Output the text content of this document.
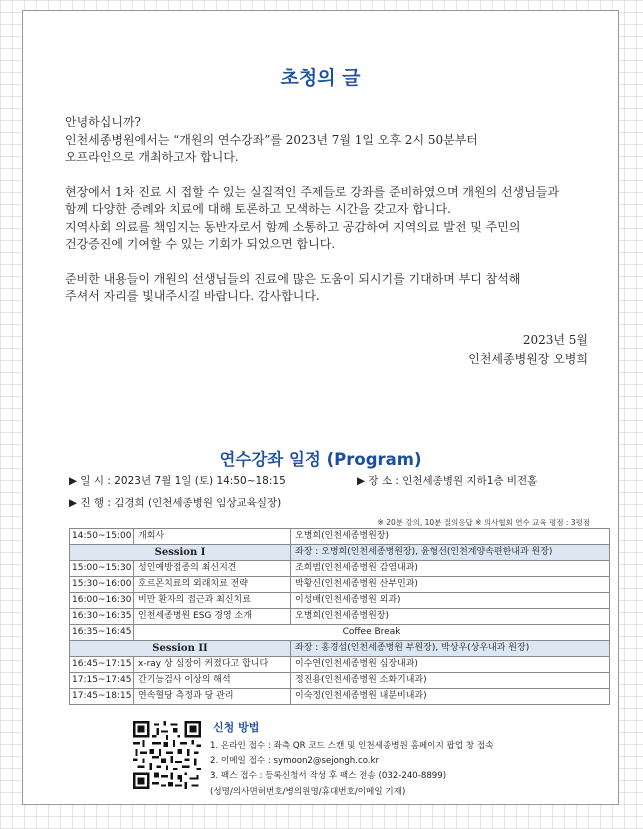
초청의 글

안녕하십니까?

인천세종병원에서는 “개원의 연수강좌”를 2023년 7월 1일 오후 2시 50분부터

오프라인으로 개최하고자 합니다.

현장에서 1차 진료 시 접할 수 있는 실질적인 주제들로 강좌를 준비하였으며 개원의 선생님들과

함께 다양한 증례와 치료에 대해 토론하고 모색하는 시간을 갖고자 합니다.

지역사회 의료를 책임지는 동반자로서 함께 소통하고 공감하여 지역의료 발전 및 주민의

건강증진에 기여할 수 있는 기회가 되었으면 합니다.

준비한 내용들이 개원의 선생님들의 진료에 많은 도움이 되시기를 기대하며 부디 참석해

주셔서 자리를 빛내주시길 바랍니다. 감사합니다.

2023년 5월
인천세종병원장 오병희
연수강좌 일정 (Program)
▶ 일 시 : 2023년 7월 1일 (토) 14:50~18:15	▶ 장 소 : 인천세종병원 지하1층 비전홀
▶ 진 행 : 김경희 (인천세종병원 임상교육실장)
※ 20분 강의, 10분 질의응답 ※ 의사협회 연수 교육 평점 : 3평점
14:50~15:00	개회사	오병희(인천세종병원장)
Session I		좌장 : 오병희(인천세종병원장), 윤형선(인천계양속편한내과 원장)
15:00~15:30	성인예방접종의 최신지견	조희범(인천세종병원 감염내과)
15:30~16:00	호르몬치료의 외래치료 전략	박황신(인천세종병원 산부인과)
16:00~16:30	비만 환자의 접근과 최신치료	이성배(인천세종병원 외과)
16:30~16:35	인천세종병원 ESG 경영 소개	오병희(인천세종병원장)
16:35~16:45	Coffee Break	
Session II		좌장 : 홍경섭(인천세종병원 부원장), 박상우(상우내과 원장)
16:45~17:15	x-ray 상 심장이 커졌다고 합니다	이수연(인천세종병원 심장내과)
17:15~17:45	간기능검사 이상의 해석	정진용(인천세종병원 소화기내과)
17:45~18:15	연속혈당 측정과 당 관리	이숙정(인천세종병원 내분비내과)
신청 방법
1. 온라인 접수 : 좌측 QR 코드 스캔 및 인천세종병원 홈페이지 팝업 창 접속
2. 이메일 접수 : symoon2@sejongh.co.kr
3. 팩스 접수 : 등록신청서 작성 후 팩스 전송 (032-240-8899)
(성명/의사면허번호/병의원명/휴대번호/이메일 기재)
